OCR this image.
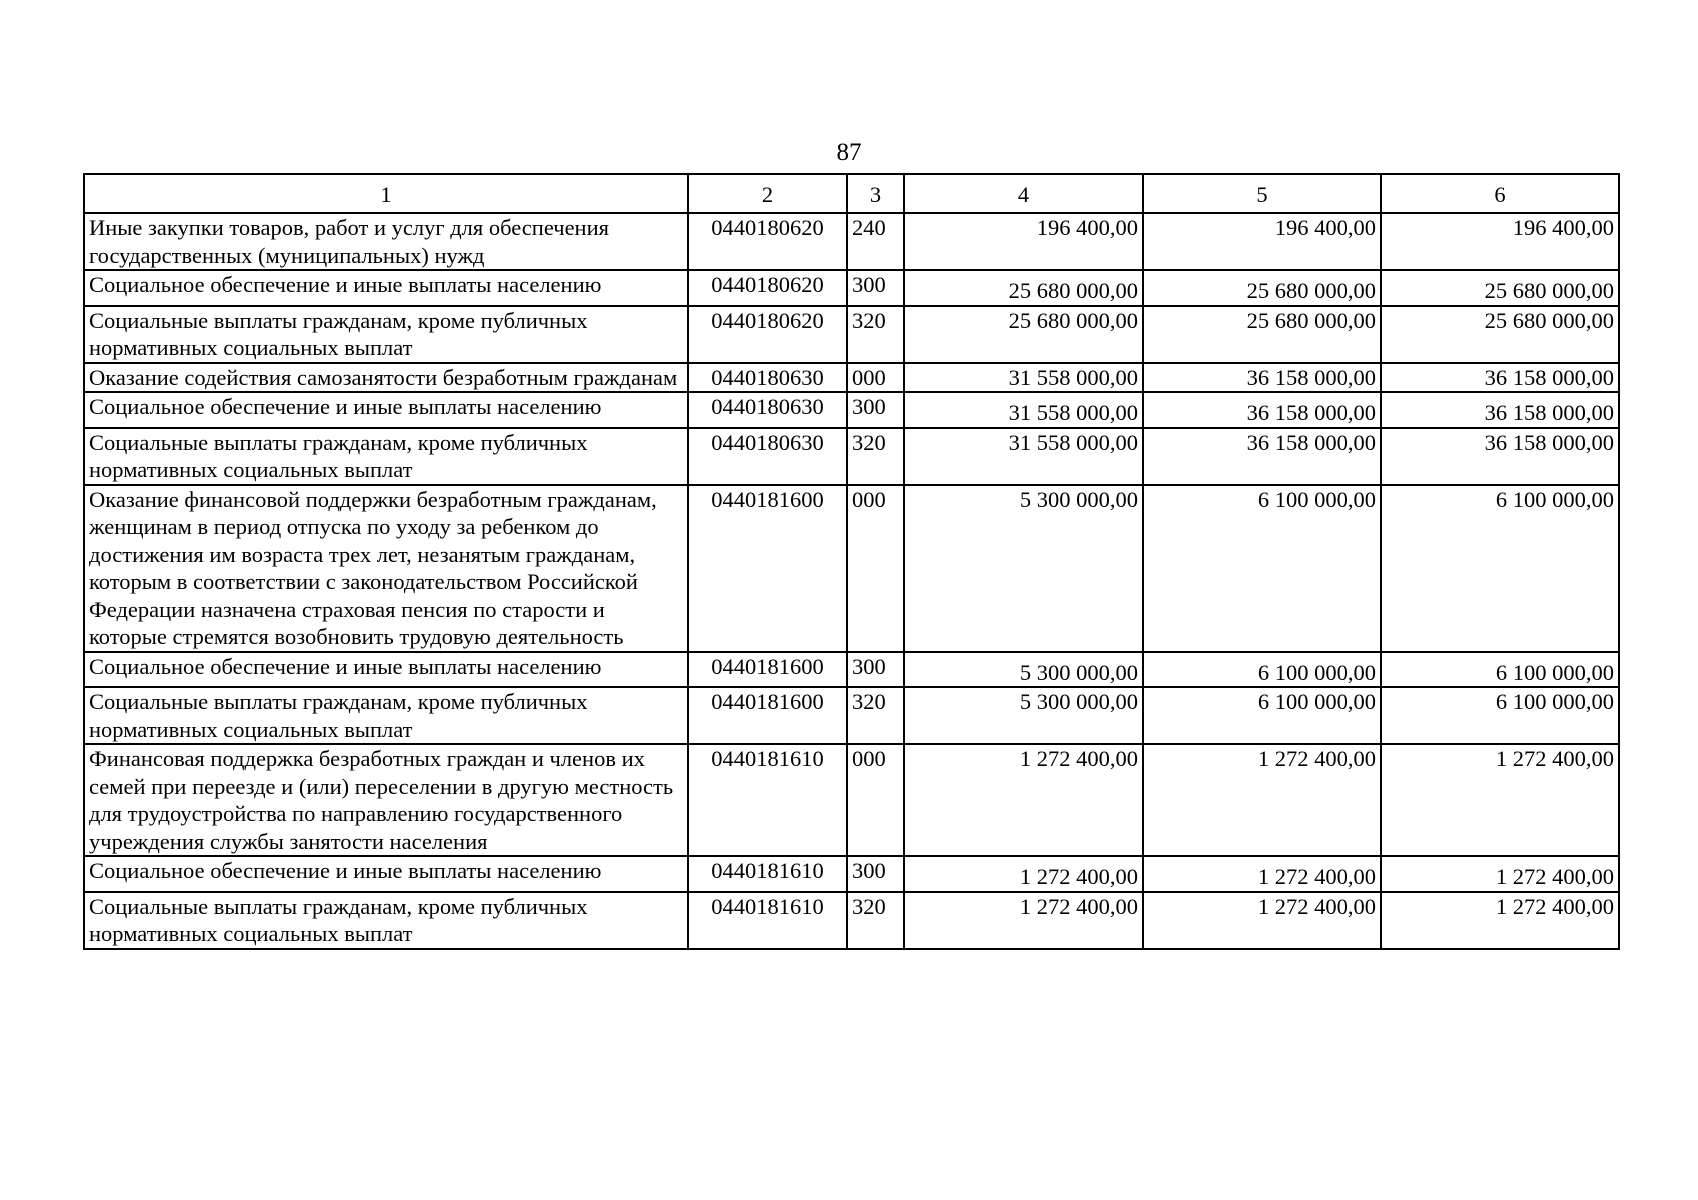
87
1	2	3	4	5	6
Иные закупки товаров, работ и услуг для обеспечения государственных (муниципальных) нужд	0440180620	240	196 400,00	196 400,00	196 400,00
Социальное обеспечение и иные выплаты населению	0440180620	300	25 680 000,00	25 680 000,00	25 680 000,00
Социальные выплаты гражданам, кроме публичных нормативных социальных выплат	0440180620	320	25 680 000,00	25 680 000,00	25 680 000,00
Оказание содействия самозанятости безработным гражданам	0440180630	000	31 558 000,00	36 158 000,00	36 158 000,00
Социальное обеспечение и иные выплаты населению	0440180630	300	31 558 000,00	36 158 000,00	36 158 000,00
Социальные выплаты гражданам, кроме публичных нормативных социальных выплат	0440180630	320	31 558 000,00	36 158 000,00	36 158 000,00
Оказание финансовой поддержки безработным гражданам, женщинам в период отпуска по уходу за ребенком до достижения им возраста трех лет, незанятым гражданам, которым в соответствии с законодательством Российской Федерации назначена страховая пенсия по старости и которые стремятся возобновить трудовую деятельность	0440181600	000	5 300 000,00	6 100 000,00	6 100 000,00
Социальное обеспечение и иные выплаты населению	0440181600	300	5 300 000,00	6 100 000,00	6 100 000,00
Социальные выплаты гражданам, кроме публичных нормативных социальных выплат	0440181600	320	5 300 000,00	6 100 000,00	6 100 000,00
Финансовая поддержка безработных граждан и членов их семей при переезде и (или) переселении в другую местность для трудоустройства по направлению государственного учреждения службы занятости населения	0440181610	000	1 272 400,00	1 272 400,00	1 272 400,00
Социальное обеспечение и иные выплаты населению	0440181610	300	1 272 400,00	1 272 400,00	1 272 400,00
Социальные выплаты гражданам, кроме публичных нормативных социальных выплат	0440181610	320	1 272 400,00	1 272 400,00	1 272 400,00
